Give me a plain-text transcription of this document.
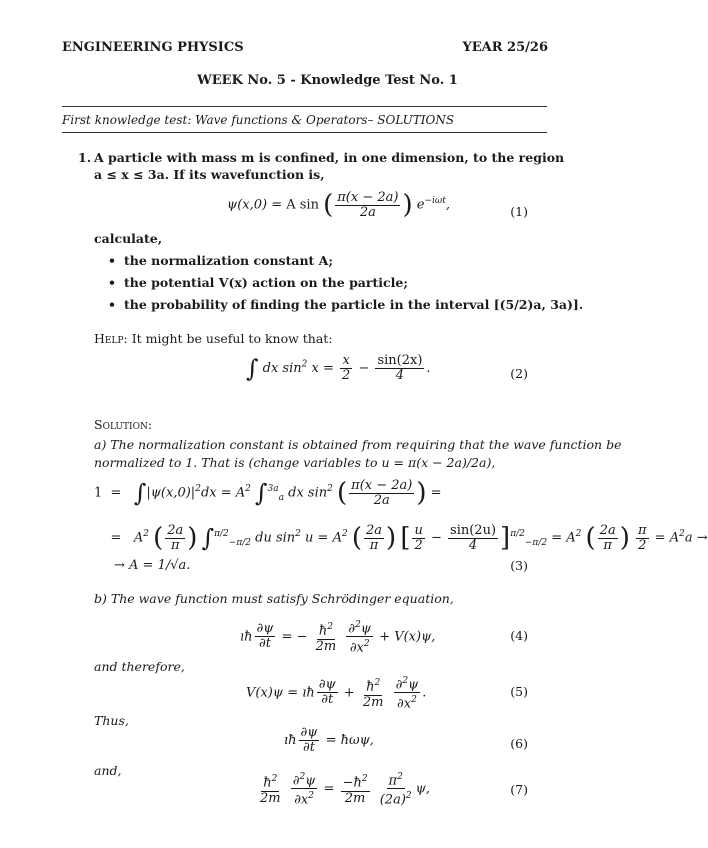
ENGINEERING PHYSICS	YEAR 25/26
WEEK No. 5 - Knowledge Test No. 1
First knowledge test: Wave functions & Operators– SOLUTIONS
1. A particle with mass m is confined, in one dimension, to the region
a ≤ x ≤ 3a. If its wavefunction is,
ψ(x,0) = A sin ( $\frac{\pi(x - 2a)}{2a}$ ) $e^{-i\omega t}$,	(1)
calculate,
• the normalization constant A;
• the potential V(x) action on the particle;
• the probability of finding the particle in the interval [(5/2)a, 3a)].
Help: It might be useful to know that:
∫ dx $\sin^2 x = \frac{x}{2} - \frac{\sin(2x)}{4}$ .	(2)
Solution:
a) The normalization constant is obtained from requiring that the wave function be
normalized to 1. That is (change variables to u = π(x − 2a)/2a),
$1 = \int|\psi(x,0)|^2dx = A^2$ ∫$^{3a}_a$ dx $\sin^2$ ( $\frac{\pi(x - 2a)}{2a}$ ) =
=   $A^2$ ( $\frac{2a}{\pi}$ ) ∫$^{\pi/2}_{-\pi/2}$ du $\sin^2 u = A^2$ ( $\frac{2a}{\pi}$ ) [ $\frac{u}{2} - \frac{\sin(2u)}{4} ]^{\pi/2}_{-\pi/2} = A^2$ ( $\frac{2a}{\pi}$ ) $\frac{\pi}{2} = A^2a$ →
→ A = 1/√a.	(3)
b) The wave function must satisfy Schrödinger equation,
ıħ $\frac{\partial\psi}{\partial t}$ = − $\frac{ħ^2}{2m}$
$\frac{\partial^2\psi}{\partial x^2} + V(x)\psi$,	(4)
and therefore,
V(x)ψ = ıħ $\frac{\partial\psi}{\partial t} + \frac{ħ^2}{2m}$
$\frac{\partial^2\psi}{\partial x^2}$ .	(5)
Thus,
ıħ $\frac{\partial\psi}{\partial t}$ = ħωψ,	(6)
and,
$\frac{ħ^2}{2m}$
$\frac{\partial^2\psi}{\partial x^2} = \frac{-ħ^2}{2m}$
$\frac{\pi^2}{(2a)^2} \psi$,	(7)
